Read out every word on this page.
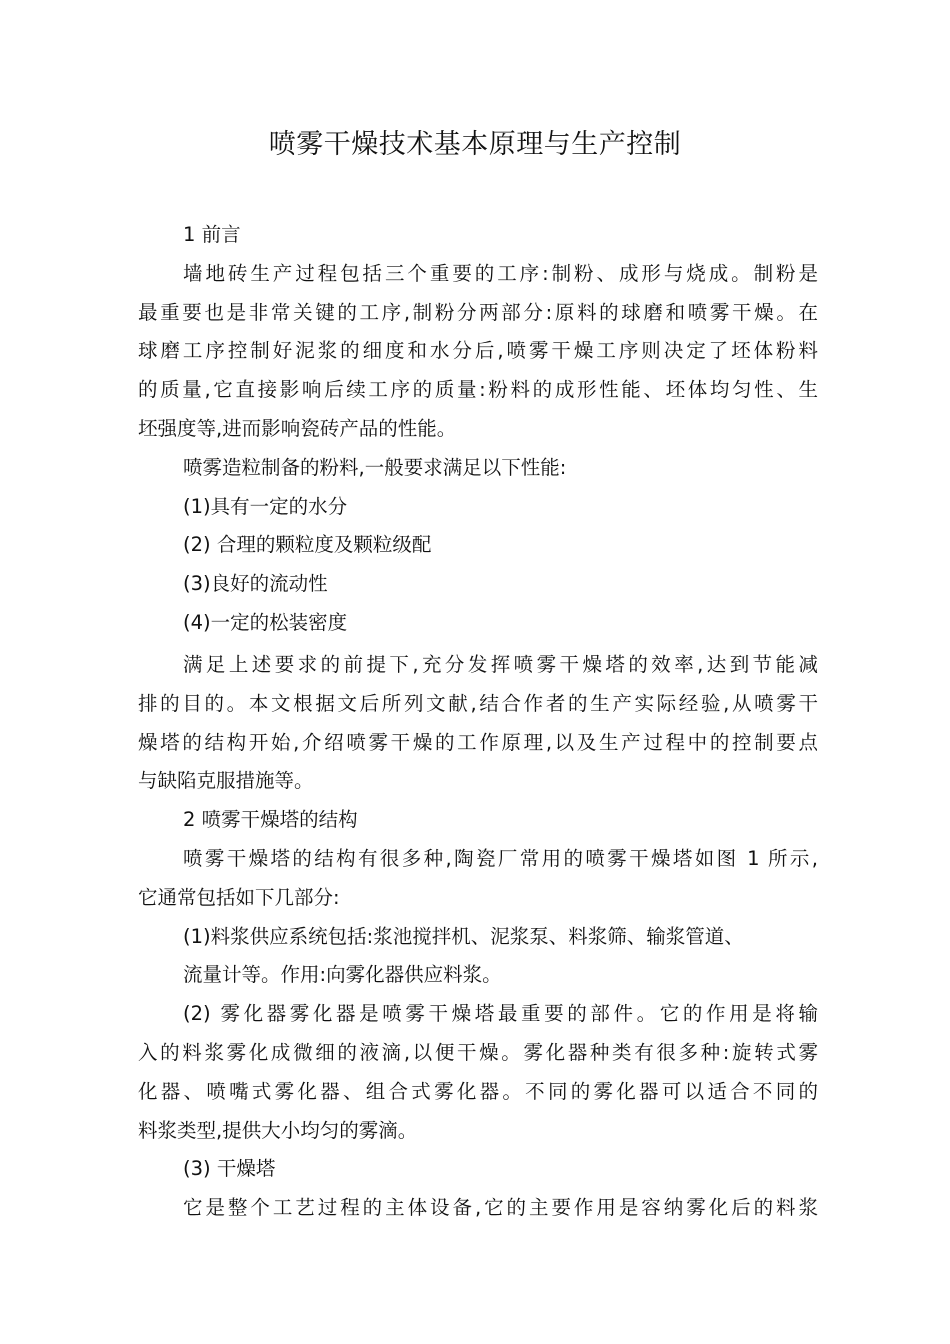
喷雾干燥技术基本原理与生产控制
1 前言
墙地砖生产过程包括三个重要的工序:制粉、成形与烧成。制粉是
最重要也是非常关键的工序,制粉分两部分:原料的球磨和喷雾干燥。在
球磨工序控制好泥浆的细度和水分后,喷雾干燥工序则决定了坯体粉料
的质量,它直接影响后续工序的质量:粉料的成形性能、坯体均匀性、生
坯强度等,进而影响瓷砖产品的性能。
喷雾造粒制备的粉料,一般要求满足以下性能:
(1)具有一定的水分
(2) 合理的颗粒度及颗粒级配
(3)良好的流动性
(4)一定的松装密度
满足上述要求的前提下,充分发挥喷雾干燥塔的效率,达到节能减
排的目的。本文根据文后所列文献,结合作者的生产实际经验,从喷雾干
燥塔的结构开始,介绍喷雾干燥的工作原理,以及生产过程中的控制要点
与缺陷克服措施等。
2 喷雾干燥塔的结构
喷雾干燥塔的结构有很多种,陶瓷厂常用的喷雾干燥塔如图 1 所示,
它通常包括如下几部分:
(1)料浆供应系统包括:浆池搅拌机、泥浆泵、料浆筛、输浆管道、
流量计等。作用:向雾化器供应料浆。
(2) 雾化器雾化器是喷雾干燥塔最重要的部件。它的作用是将输
入的料浆雾化成微细的液滴,以便干燥。雾化器种类有很多种:旋转式雾
化器、喷嘴式雾化器、组合式雾化器。不同的雾化器可以适合不同的
料浆类型,提供大小均匀的雾滴。
(3) 干燥塔
它是整个工艺过程的主体设备,它的主要作用是容纳雾化后的料浆
